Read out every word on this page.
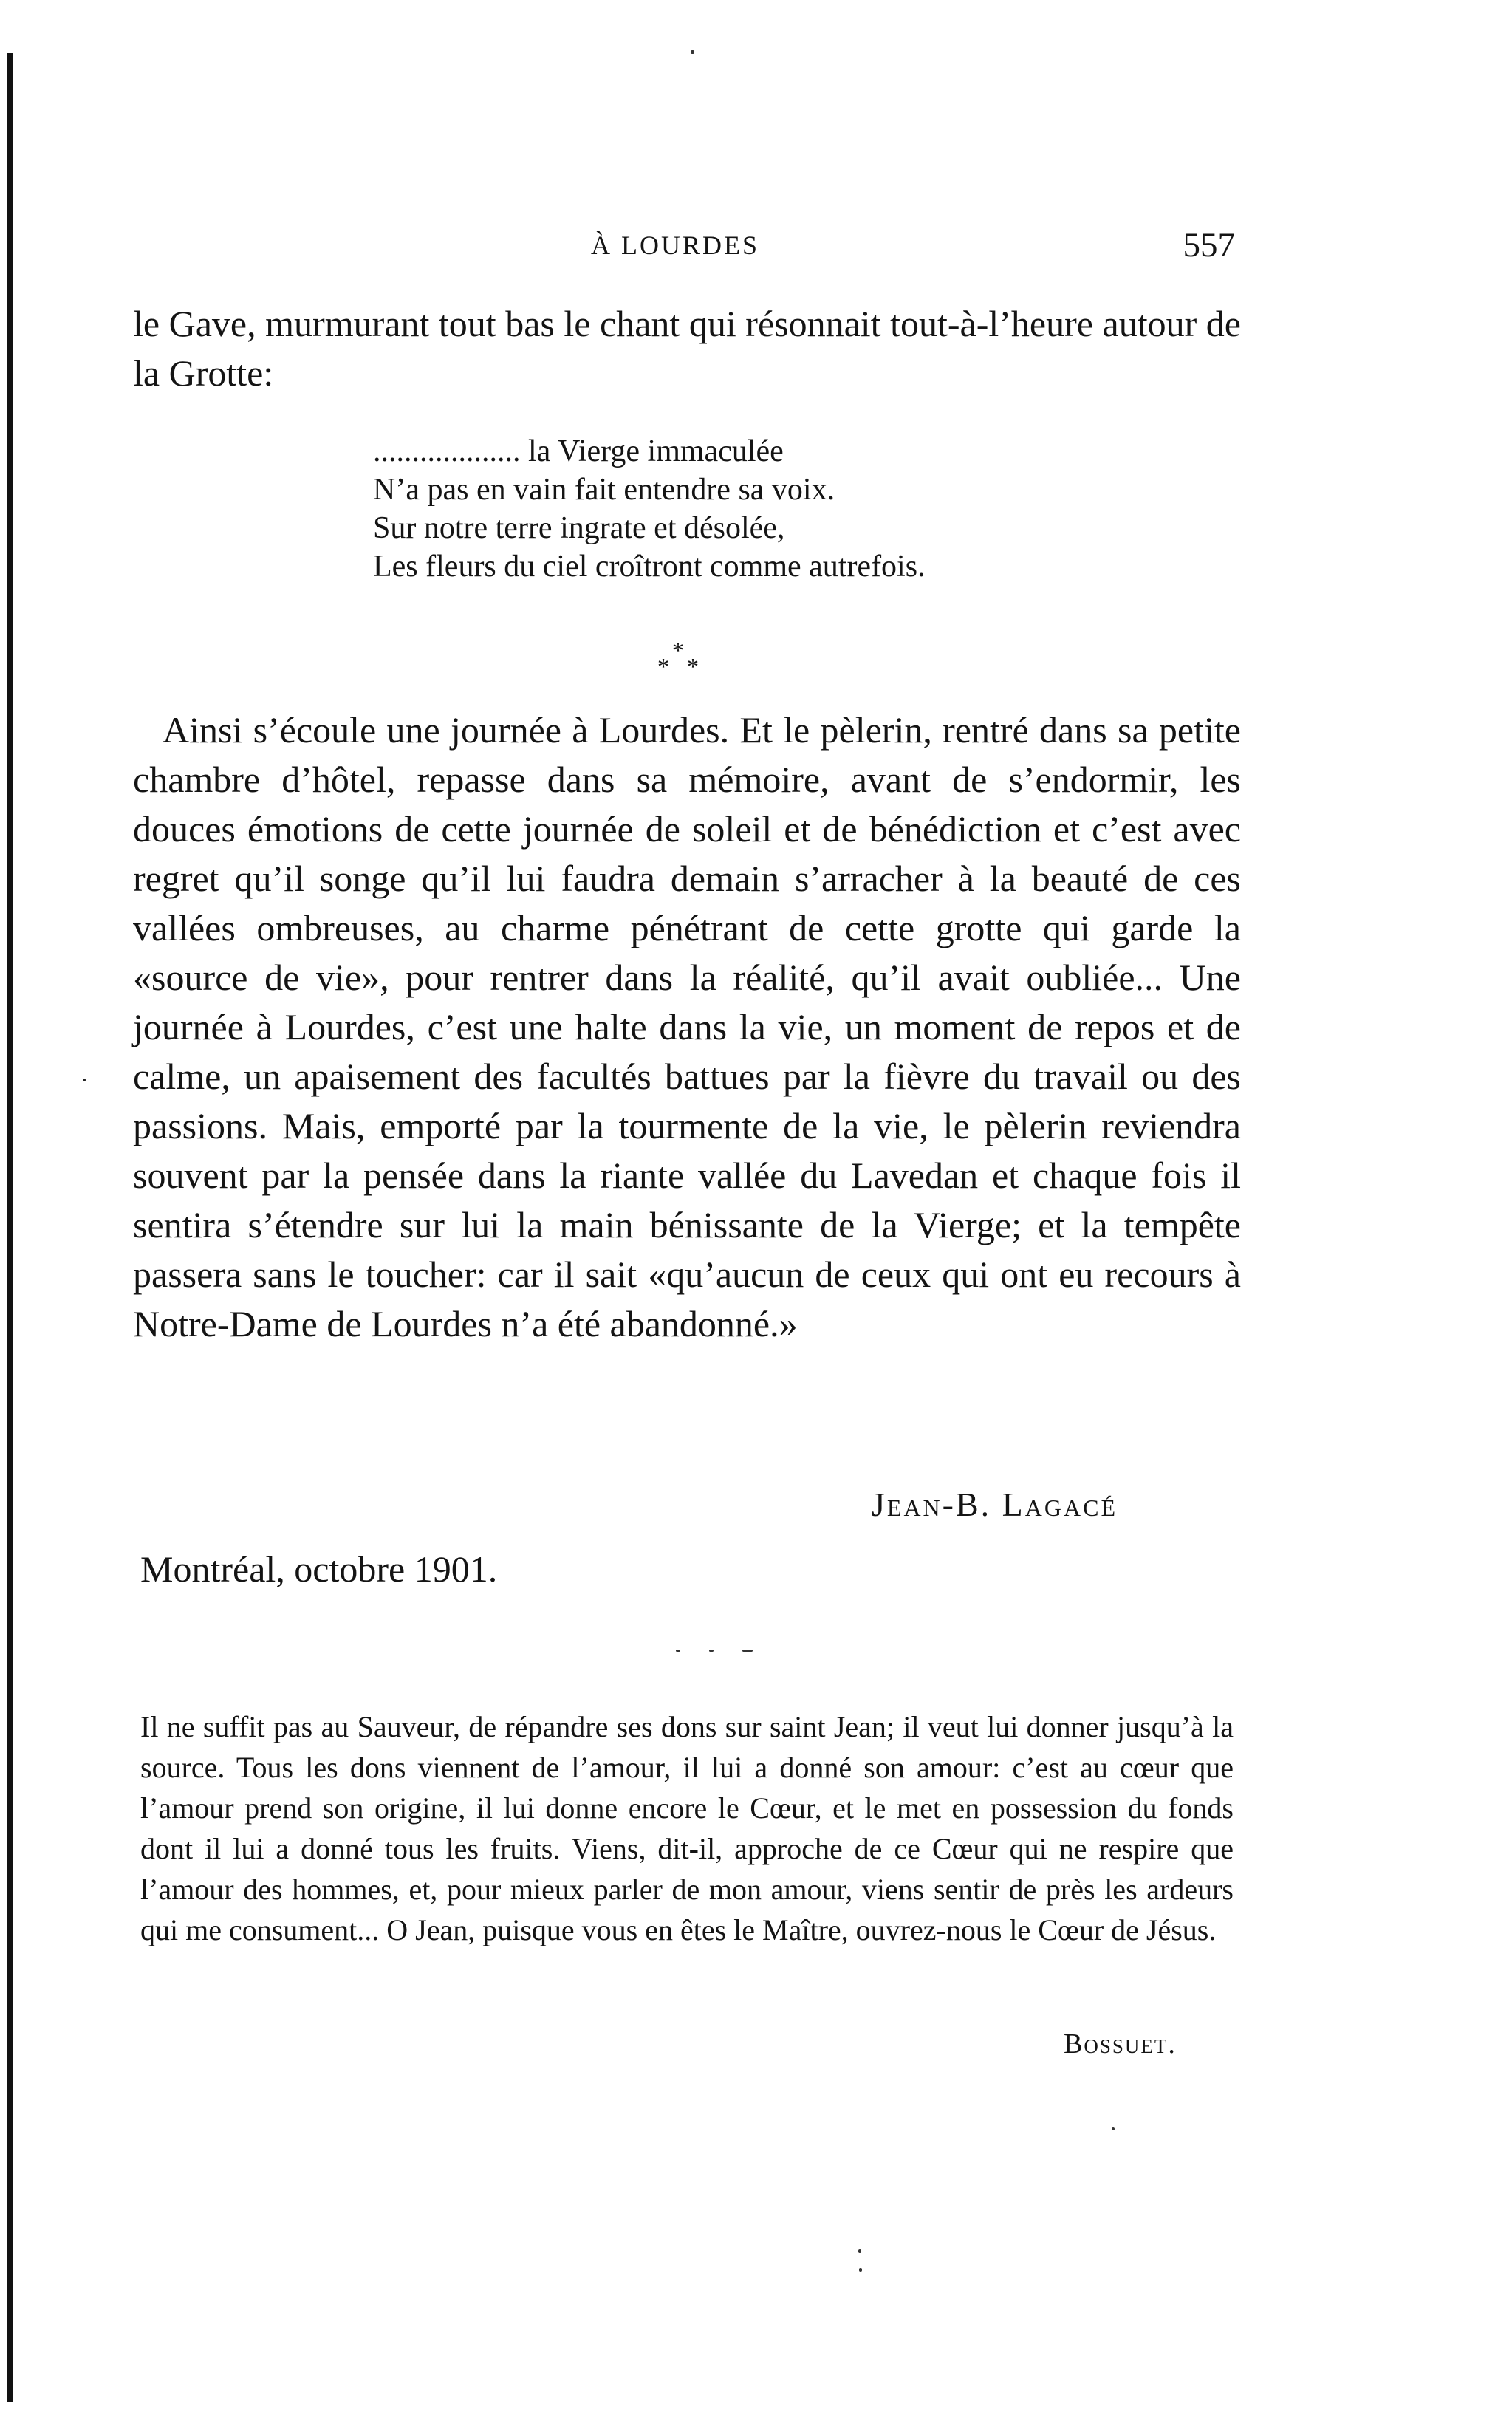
À LOURDES	557

le Gave, murmurant tout bas le chant qui résonnait tout-à-l’heure autour de la Grotte:

................... la Vierge immaculée
N’a pas en vain fait entendre sa voix.
Sur notre terre ingrate et désolée,
Les fleurs du ciel croîtront comme autrefois.
*
* *

Ainsi s’écoule une journée à Lourdes. Et le pèlerin, rentré dans sa petite chambre d’hôtel, repasse dans sa mémoire, avant de s’endormir, les douces émotions de cette journée de soleil et de bénédiction et c’est avec regret qu’il songe qu’il lui faudra demain s’arracher à la beauté de ces vallées ombreuses, au charme pénétrant de cette grotte qui garde la «source de vie», pour rentrer dans la réalité, qu’il avait oubliée... Une journée à Lourdes, c’est une halte dans la vie, un moment de repos et de calme, un apaisement des facultés battues par la fièvre du travail ou des passions. Mais, emporté par la tourmente de la vie, le pèlerin reviendra souvent par la pensée dans la riante vallée du Lavedan et chaque fois il sentira s’étendre sur lui la main bénissante de la Vierge; et la tempête passera sans le toucher: car il sait «qu’aucun de ceux qui ont eu recours à Notre-Dame de Lourdes n’a été abandonné.»

Jean-B. Lagacé
Montréal, octobre 1901.

Il ne suffit pas au Sauveur, de répandre ses dons sur saint Jean; il veut lui donner jusqu’à la source. Tous les dons viennent de l’amour, il lui a donné son amour: c’est au cœur que l’amour prend son origine, il lui donne encore le Cœur, et le met en possession du fonds dont il lui a donné tous les fruits. Viens, dit-il, approche de ce Cœur qui ne respire que l’amour des hommes, et, pour mieux parler de mon amour, viens sentir de près les ardeurs qui me consument... O Jean, puisque vous en êtes le Maître, ouvrez-nous le Cœur de Jésus.

Bossuet.
